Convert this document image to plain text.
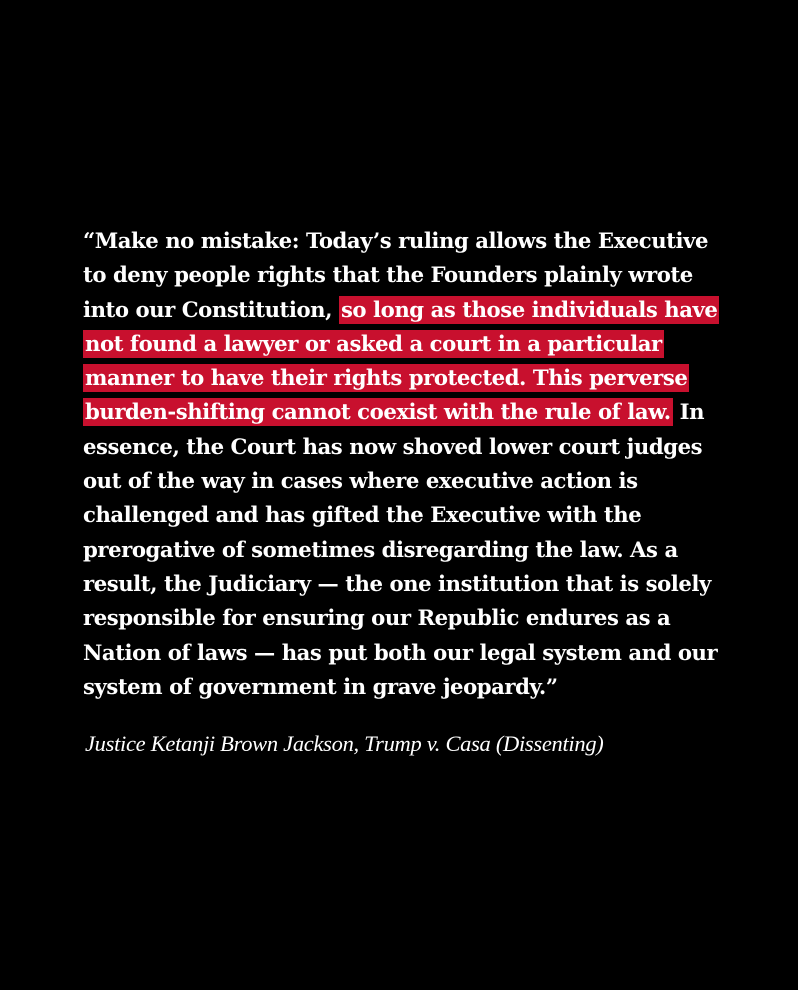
“Make no mistake: Today’s ruling allows the Executive to deny people rights that the Founders plainly wrote into our Constitution, so long as those individuals have not found a lawyer or asked a court in a particular manner to have their rights protected. This perverse burden-shifting cannot coexist with the rule of law. In essence, the Court has now shoved lower court judges out of the way in cases where executive action is challenged and has gifted the Executive with the prerogative of sometimes disregarding the law. As a result, the Judiciary — the one institution that is solely responsible for ensuring our Republic endures as a Nation of laws — has put both our legal system and our system of government in grave jeopardy.”

Justice Ketanji Brown Jackson, Trump v. Casa (Dissenting)
